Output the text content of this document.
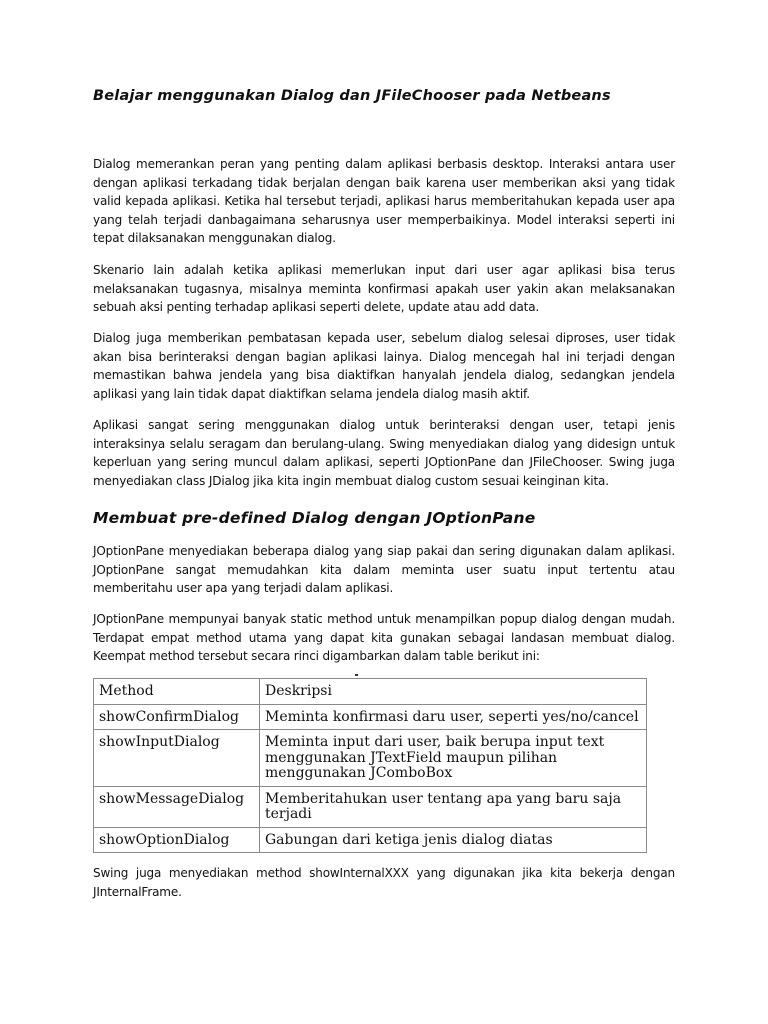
Belajar menggunakan Dialog dan JFileChooser pada Netbeans

Dialog memerankan peran yang penting dalam aplikasi berbasis desktop. Interaksi antara user dengan aplikasi terkadang tidak berjalan dengan baik karena user memberikan aksi yang tidak valid kepada aplikasi. Ketika hal tersebut terjadi, aplikasi harus memberitahukan kepada user apa yang telah terjadi danbagaimana seharusnya user memperbaikinya. Model interaksi seperti ini tepat dilaksanakan menggunakan dialog.

Skenario lain adalah ketika aplikasi memerlukan input dari user agar aplikasi bisa terus melaksanakan tugasnya, misalnya meminta konfirmasi apakah user yakin akan melaksanakan sebuah aksi penting terhadap aplikasi seperti delete, update atau add data.

Dialog juga memberikan pembatasan kepada user, sebelum dialog selesai diproses, user tidak akan bisa berinteraksi dengan bagian aplikasi lainya. Dialog mencegah hal ini terjadi dengan memastikan bahwa jendela yang bisa diaktifkan hanyalah jendela dialog, sedangkan jendela aplikasi yang lain tidak dapat diaktifkan selama jendela dialog masih aktif.

Aplikasi sangat sering menggunakan dialog untuk berinteraksi dengan user, tetapi jenis interaksinya selalu seragam dan berulang-ulang. Swing menyediakan dialog yang didesign untuk keperluan yang sering muncul dalam aplikasi, seperti JOptionPane dan JFileChooser. Swing juga menyediakan class JDialog jika kita ingin membuat dialog custom sesuai keinginan kita.

Membuat pre-defined Dialog dengan JOptionPane

JOptionPane menyediakan beberapa dialog yang siap pakai dan sering digunakan dalam aplikasi. JOptionPane sangat memudahkan kita dalam meminta user suatu input tertentu atau memberitahu user apa yang terjadi dalam aplikasi.

JOptionPane mempunyai banyak static method untuk menampilkan popup dialog dengan mudah. Terdapat empat method utama yang dapat kita gunakan sebagai landasan membuat dialog. Keempat method tersebut secara rinci digambarkan dalam table berikut ini:

Method	Deskripsi
showConfirmDialog	Meminta konfirmasi daru user, seperti yes/no/cancel
showInputDialog	Meminta input dari user, baik berupa input text menggunakan JTextField maupun pilihan menggunakan JComboBox
showMessageDialog	Memberitahukan user tentang apa yang baru saja terjadi
showOptionDialog	Gabungan dari ketiga jenis dialog diatas

Swing juga menyediakan method showInternalXXX yang digunakan jika kita bekerja dengan JInternalFrame.
